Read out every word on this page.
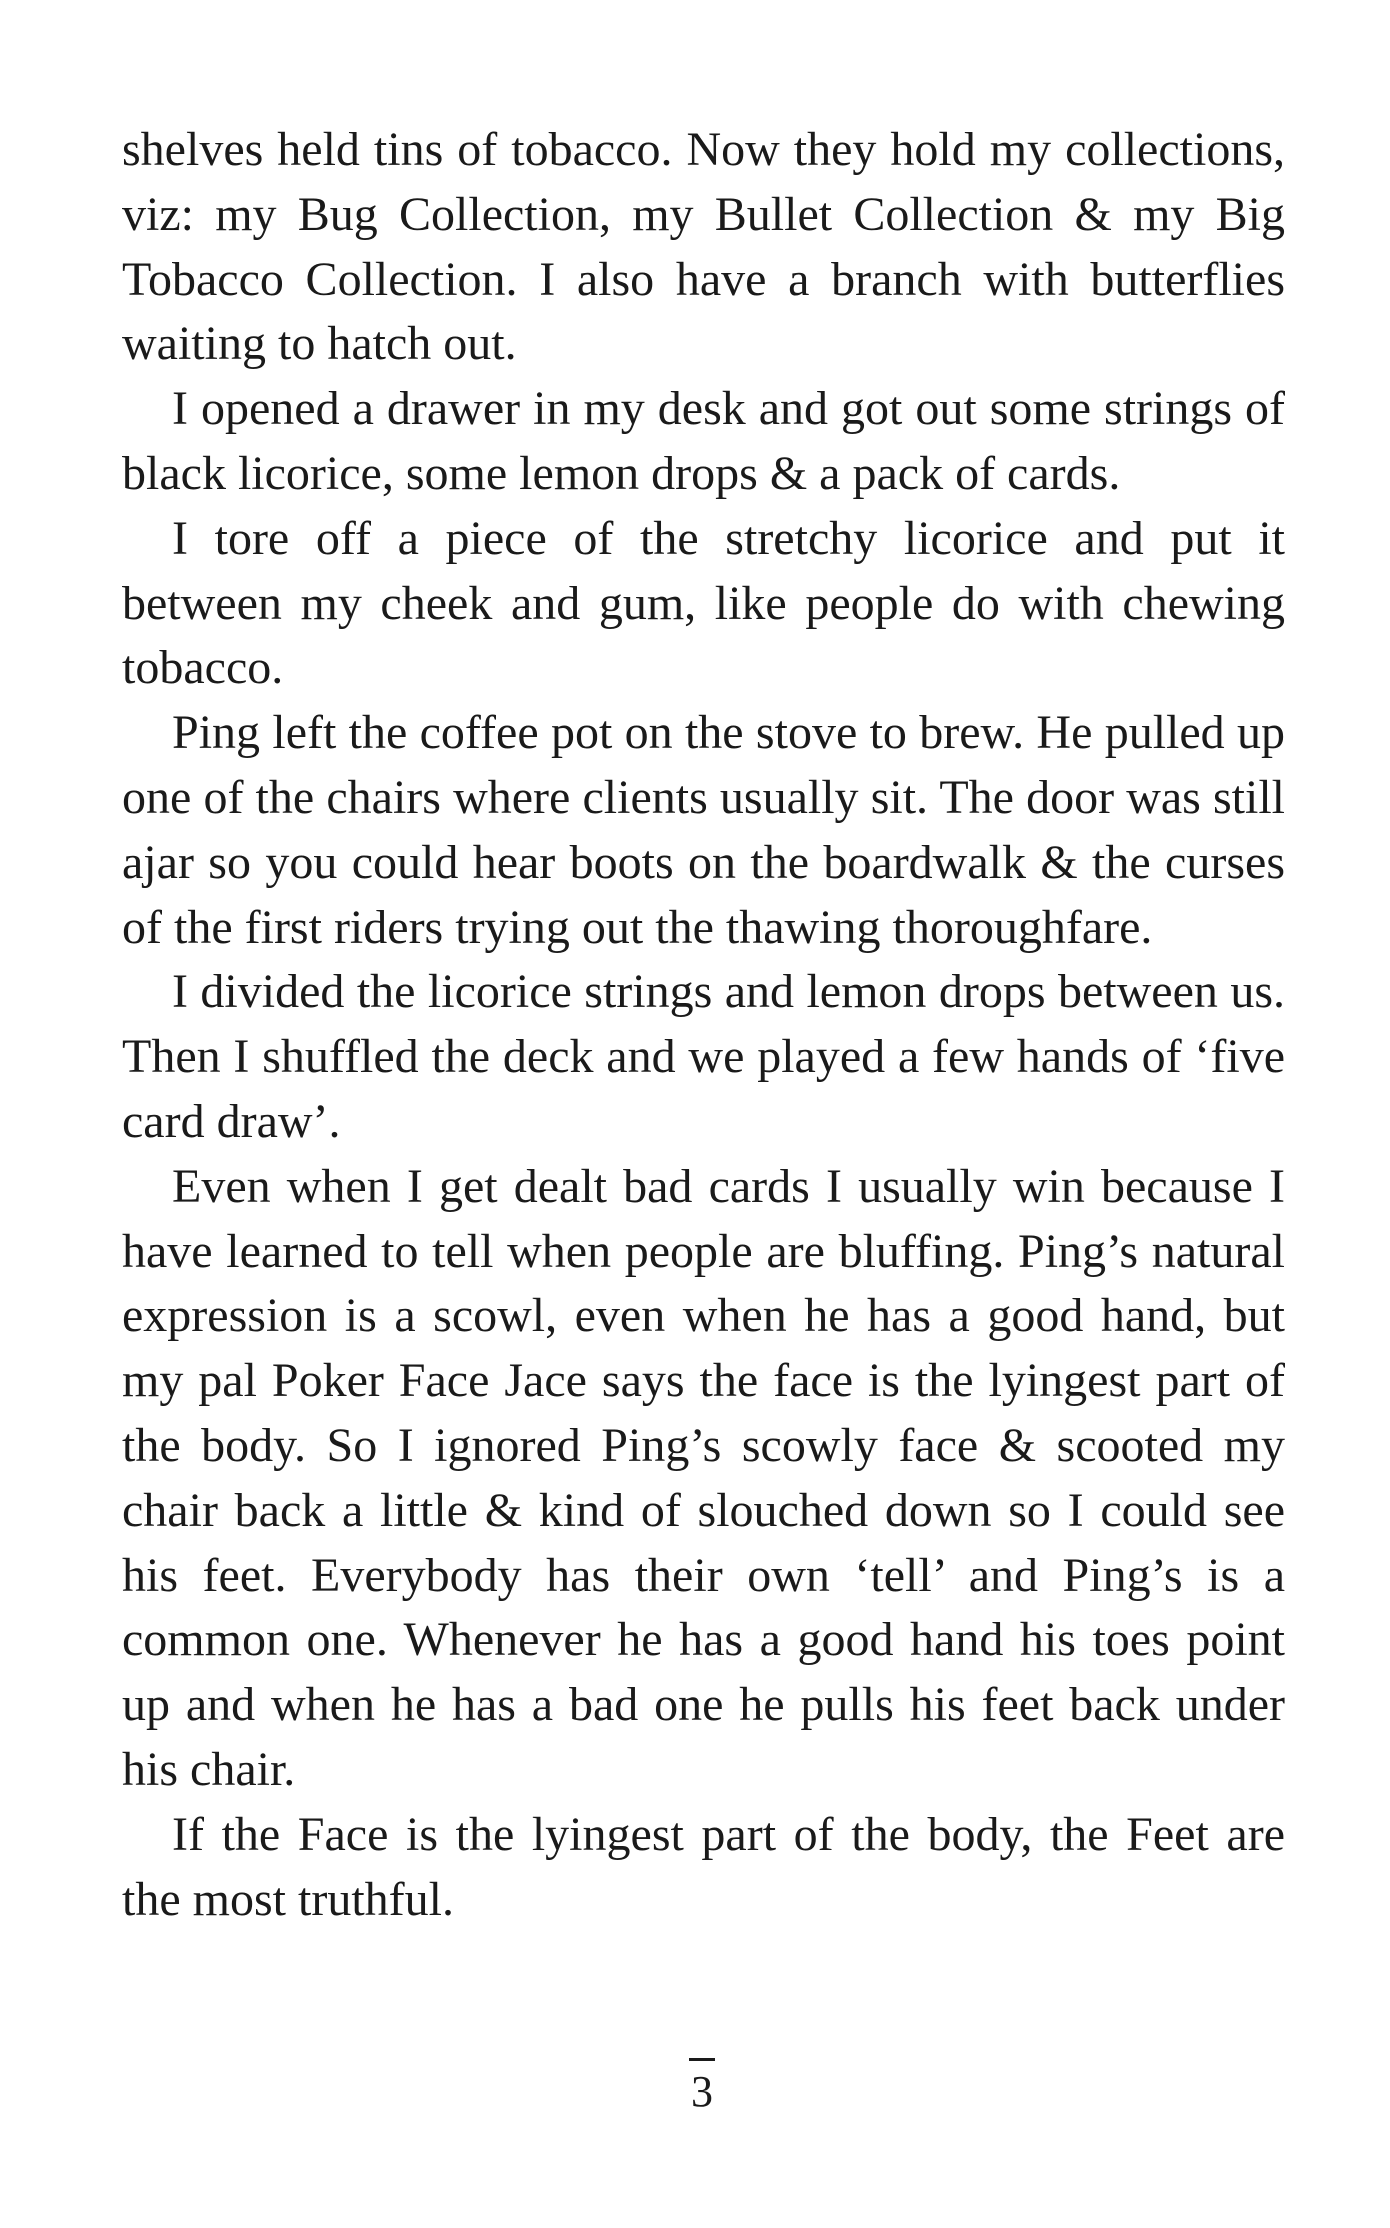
shelves held tins of tobacco. Now they hold my collections, viz: my Bug Collection, my Bullet Collection & my Big Tobacco Collection. I also have a branch with butterflies waiting to hatch out.

I opened a drawer in my desk and got out some strings of black licorice, some lemon drops & a pack of cards.

I tore off a piece of the stretchy licorice and put it between my cheek and gum, like people do with chewing tobacco.

Ping left the coffee pot on the stove to brew. He pulled up one of the chairs where clients usually sit. The door was still ajar so you could hear boots on the boardwalk & the curses of the first riders trying out the thawing thoroughfare.

I divided the licorice strings and lemon drops between us. Then I shuffled the deck and we played a few hands of ‘five card draw’.

Even when I get dealt bad cards I usually win because I have learned to tell when people are bluffing. Ping’s natural expression is a scowl, even when he has a good hand, but my pal Poker Face Jace says the face is the lyingest part of the body. So I ignored Ping’s scowly face & scooted my chair back a little & kind of slouched down so I could see his feet. Everybody has their own ‘tell’ and Ping’s is a common one. Whenever he has a good hand his toes point up and when he has a bad one he pulls his feet back under his chair.

If the Face is the lyingest part of the body, the Feet are the most truthful.

3
